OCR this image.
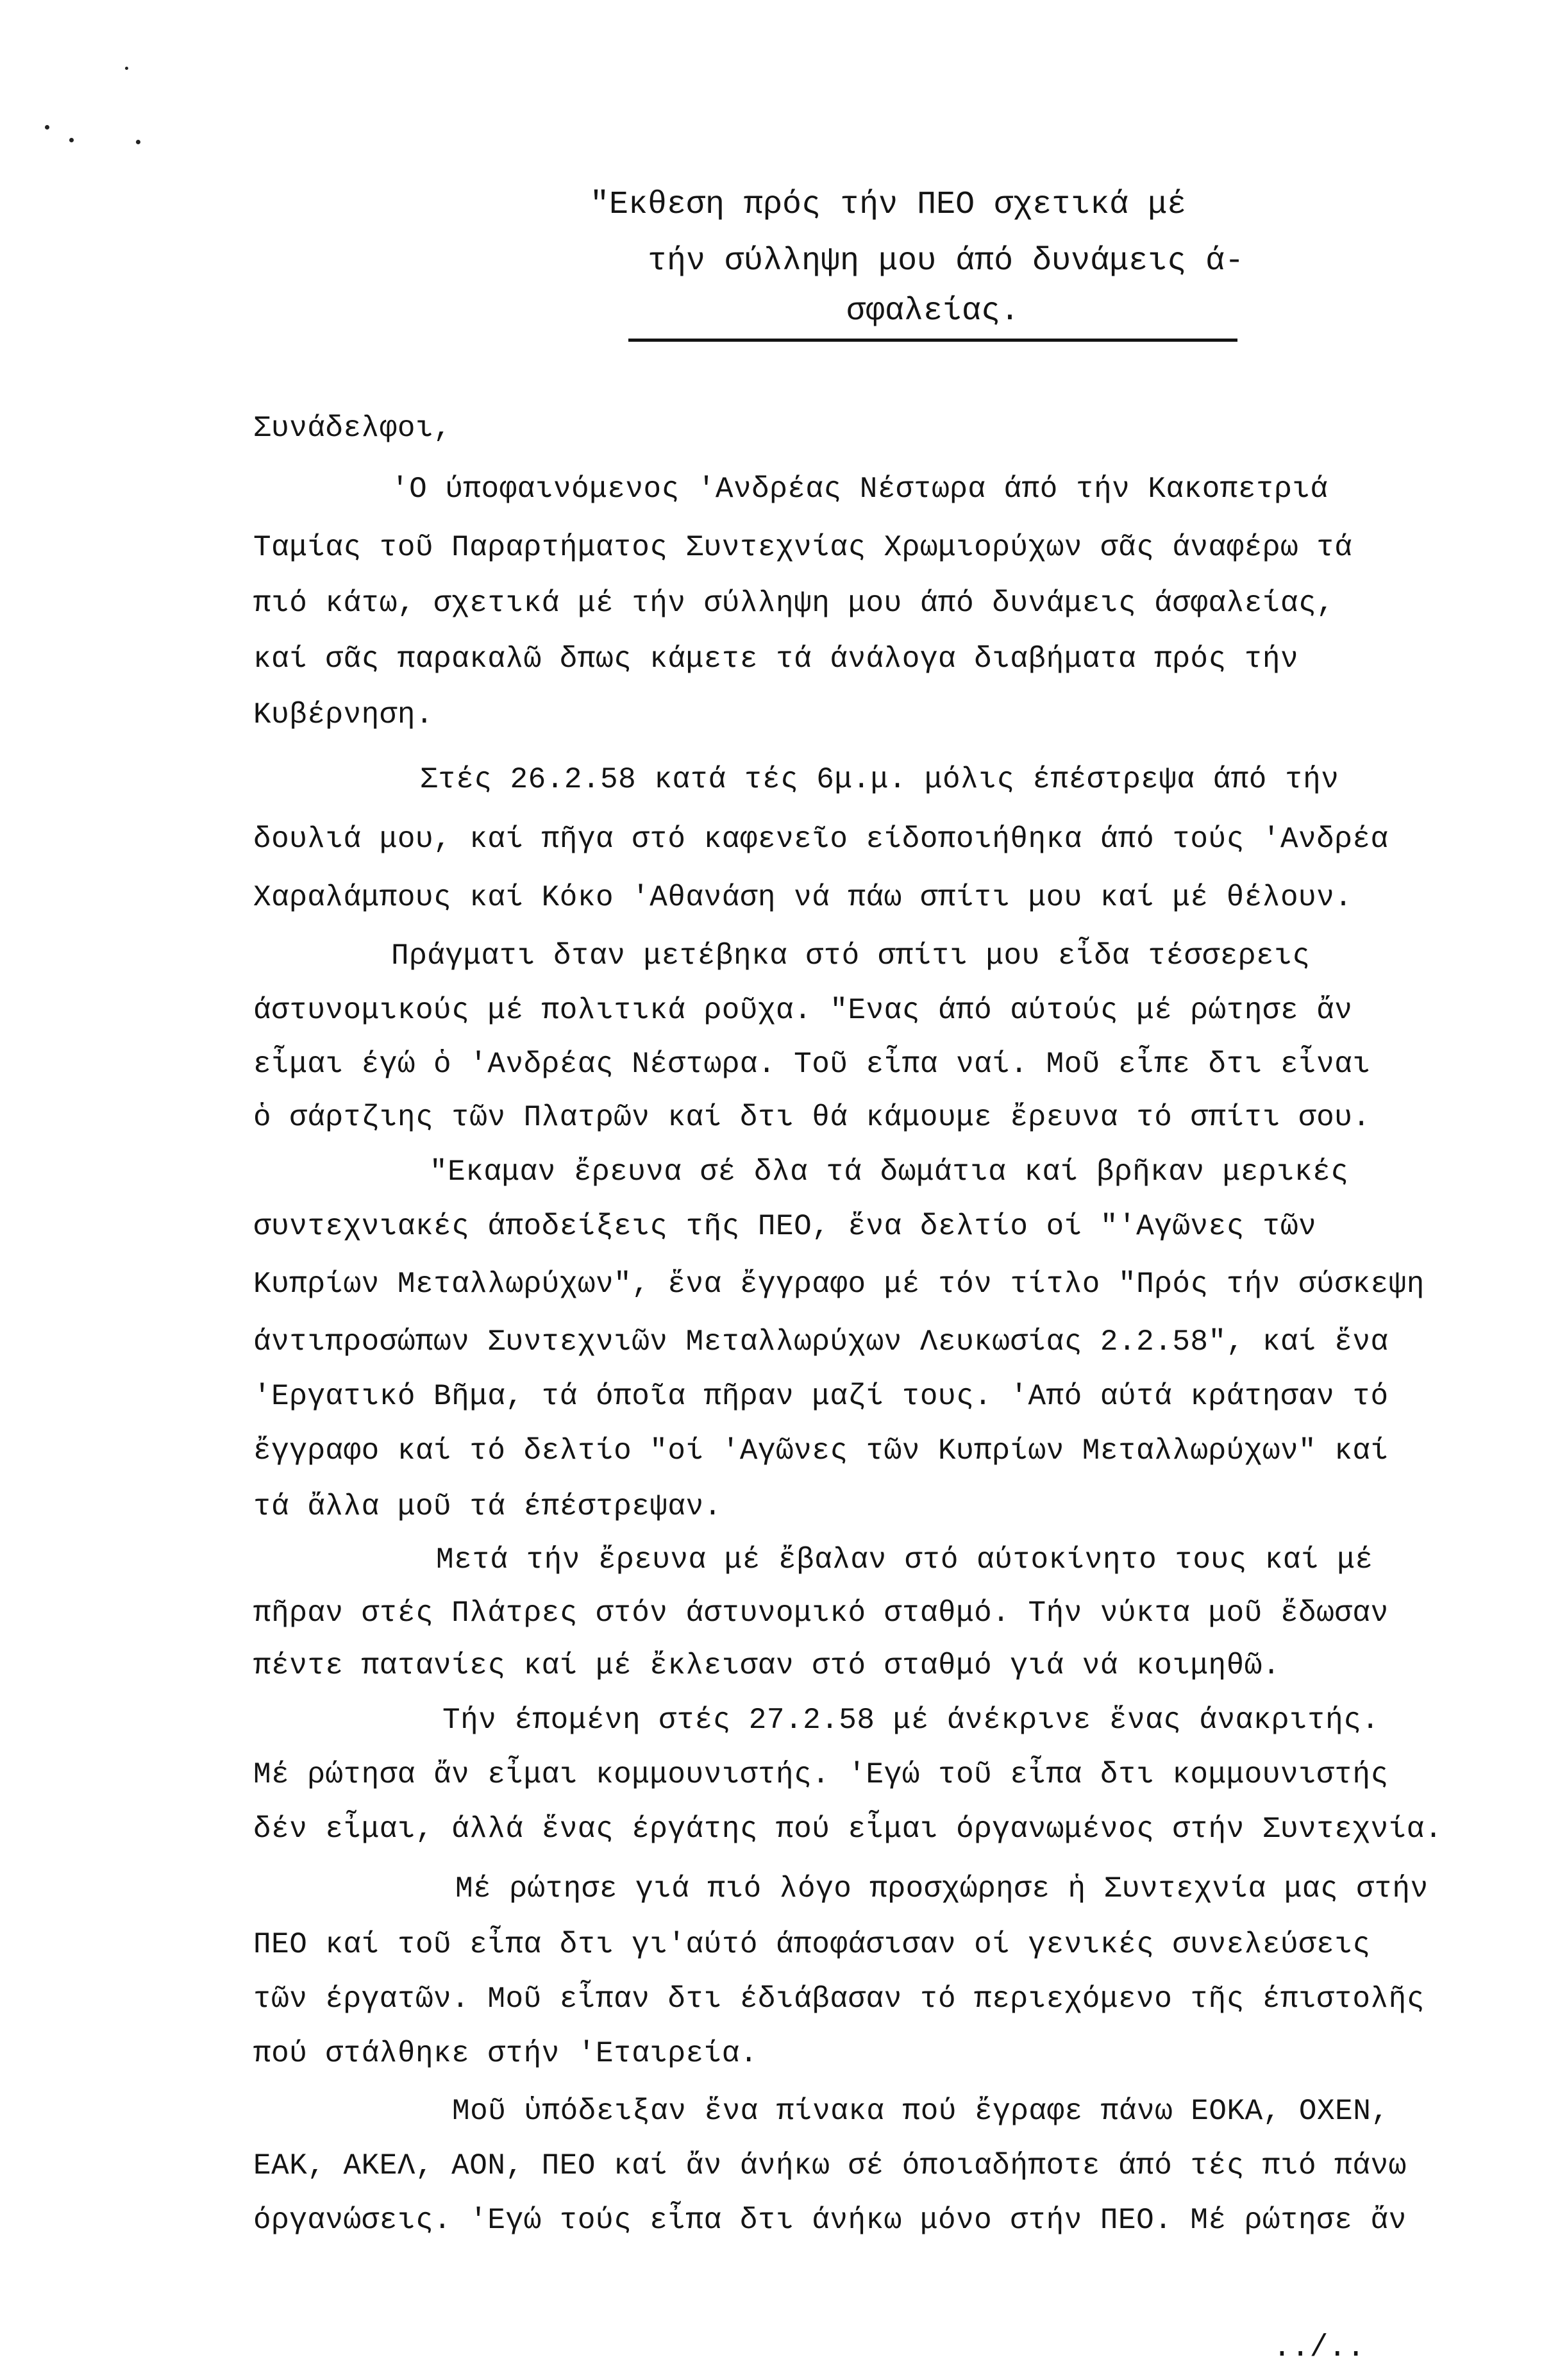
"Εκθεση πρός τήν ΠΕΟ σχετικά μέ
τήν σύλληψη μου άπό δυνάμεις ά-
σφαλείας.
Συνάδελφοι,
'Ο ύποφαινόμενος 'Ανδρέας Νέστωρα άπό τήν Κακοπετριά
Ταμίας τοῦ Παραρτήματος Συντεχνίας Χρωμιορύχων σᾶς άναφέρω τά
πιό κάτω, σχετικά μέ τήν σύλληψη μου άπό δυνάμεις άσφαλείας,
καί σᾶς παρακαλῶ δπως κάμετε τά άνάλογα διαβήματα πρός τήν
Κυβέρνηση.
Στές 26.2.58 κατά τές 6μ.μ. μόλις έπέστρεψα άπό τήν
δουλιά μου, καί πῆγα στό καφενεῖο είδοποιήθηκα άπό τούς 'Ανδρέα
Χαραλάμπους καί Κόκο 'Αθανάση νά πάω σπίτι μου καί μέ θέλουν.
Πράγματι δταν μετέβηκα στό σπίτι μου εἶδα τέσσερεις
άστυνομικούς μέ πολιτικά ροῦχα. "Ενας άπό αύτούς μέ ρώτησε ἄν
εἶμαι έγώ ὁ 'Ανδρέας Νέστωρα. Τοῦ εἶπα ναί. Μοῦ εἶπε δτι εἶναι
ὁ σάρτζιης τῶν Πλατρῶν καί δτι θά κάμουμε ἔρευνα τό σπίτι σου.
"Εκαμαν ἔρευνα σέ δλα τά δωμάτια καί βρῆκαν μερικές
συντεχνιακές άποδείξεις τῆς ΠΕΟ, ἕνα δελτίο οί "'Αγῶνες τῶν
Κυπρίων Μεταλλωρύχων", ἕνα ἔγγραφο μέ τόν τίτλο "Πρός τήν σύσκεψη
άντιπροσώπων Συντεχνιῶν Μεταλλωρύχων Λευκωσίας 2.2.58", καί ἕνα
'Εργατικό Βῆμα, τά όποῖα πῆραν μαζί τους. 'Από αύτά κράτησαν τό
ἔγγραφο καί τό δελτίο "οί 'Αγῶνες τῶν Κυπρίων Μεταλλωρύχων" καί
τά ἄλλα μοῦ τά έπέστρεψαν.
Μετά τήν ἔρευνα μέ ἔβαλαν στό αύτοκίνητο τους καί μέ
πῆραν στές Πλάτρες στόν άστυνομικό σταθμό. Τήν νύκτα μοῦ ἔδωσαν
πέντε πατανίες καί μέ ἔκλεισαν στό σταθμό γιά νά κοιμηθῶ.
Τήν έπομένη στές 27.2.58 μέ άνέκρινε ἕνας άνακριτής.
Μέ ρώτησα ἄν εἶμαι κομμουνιστής. 'Εγώ τοῦ εἶπα δτι κομμουνιστής
δέν εἶμαι, άλλά ἕνας έργάτης πού εἶμαι όργανωμένος στήν Συντεχνία.
Μέ ρώτησε γιά πιό λόγο προσχώρησε ἡ Συντεχνία μας στήν
ΠΕΟ καί τοῦ εἶπα δτι γι'αύτό άποφάσισαν οί γενικές συνελεύσεις
τῶν έργατῶν. Μοῦ εἶπαν δτι έδιάβασαν τό περιεχόμενο τῆς έπιστολῆς
πού στάλθηκε στήν 'Εταιρεία.
Μοῦ ὑπόδειξαν ἕνα πίνακα πού ἔγραφε πάνω ΕΟΚΑ, ΟΧΕΝ,
ΕΑΚ, ΑΚΕΛ, ΑΟΝ, ΠΕΟ καί ἄν άνήκω σέ όποιαδήποτε άπό τές πιό πάνω
όργανώσεις. 'Εγώ τούς εἶπα δτι άνήκω μόνο στήν ΠΕΟ. Μέ ρώτησε ἄν
../..
